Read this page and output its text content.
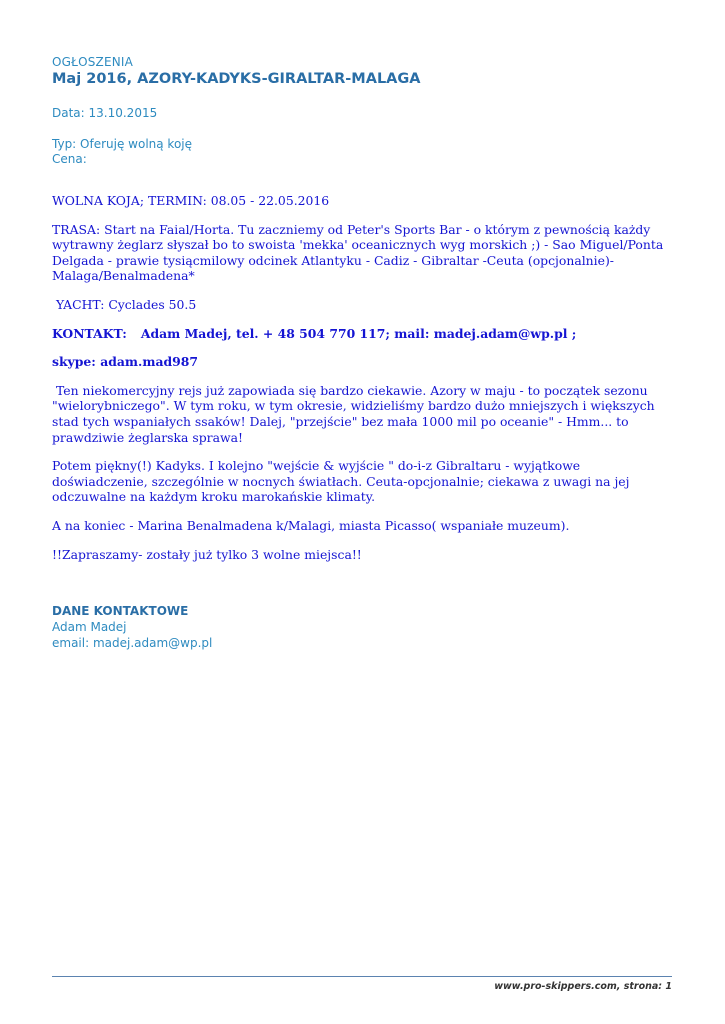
OGŁOSZENIA
Maj 2016, AZORY-KADYKS-GIRALTAR-MALAGA
Data: 13.10.2015
Typ: Oferuję wolną koję
Cena:

WOLNA KOJA; TERMIN: 08.05 - 22.05.2016

TRASA: Start na Faial/Horta. Tu zaczniemy od Peter's Sports Bar - o którym z pewnością każdy wytrawny żeglarz słyszał bo to swoista 'mekka' oceanicznych wyg morskich ;) - Sao Miguel/Ponta Delgada - prawie tysiącmilowy odcinek Atlantyku - Cadiz - Gibraltar -Ceuta (opcjonalnie)-Malaga/Benalmadena*

YACHT: Cyclades 50.5

KONTAKT: Adam Madej, tel. + 48 504 770 117; mail: madej.adam@wp.pl ;

skype: adam.mad987

Ten niekomercyjny rejs już zapowiada się bardzo ciekawie. Azory w maju - to początek sezonu "wielorybniczego". W tym roku, w tym okresie, widzieliśmy bardzo dużo mniejszych i większych stad tych wspaniałych ssaków! Dalej, "przejście" bez mała 1000 mil po oceanie" - Hmm... to prawdziwie żeglarska sprawa!

Potem piękny(!) Kadyks. I kolejno "wejście & wyjście " do-i-z Gibraltaru - wyjątkowe doświadczenie, szczególnie w nocnych światłach. Ceuta-opcjonalnie; ciekawa z uwagi na jej odczuwalne na każdym kroku marokańskie klimaty.

A na koniec - Marina Benalmadena k/Malagi, miasta Picasso( wspaniałe muzeum).

!!Zapraszamy- zostały już tylko 3 wolne miejsca!!

DANE KONTAKTOWE
Adam Madej
email: madej.adam@wp.pl
www.pro-skippers.com, strona: 1
